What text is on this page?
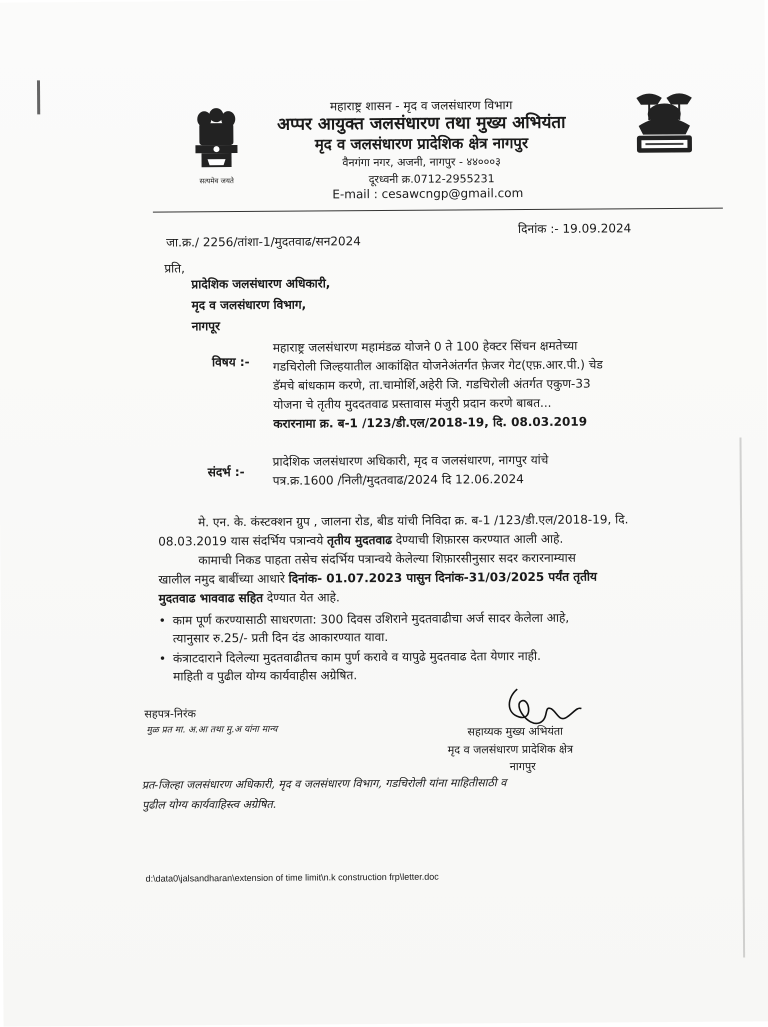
सत्यमेव जयते
महाराष्ट्र शासन - मृद व जलसंधारण विभाग
अप्पर आयुक्त जलसंधारण तथा मुख्य अभियंता
मृद व जलसंधारण प्रादेशिक क्षेत्र नागपुर
वैनगंगा नगर, अजनी, नागपुर - ४४०००३
दूरध्वनी क्र.0712-2955231
E-mail : cesawcngp@gmail.com
जा.क्र./ 2256/तांशा-1/मुदतवाढ/सन2024
दिनांक :- 19.09.2024
प्रति,
प्रादेशिक जलसंधारण अधिकारी,
मृद व जलसंधारण विभाग,
नागपूर
विषय :-
महाराष्ट्र जलसंधारण महामंडळ योजने 0 ते 100 हेक्टर सिंचन क्षमतेच्या
गडचिरोली जिल्हयातील आकांक्षित योजनेअंतर्गत फ़ेजर गेट(एफ़.आर.पी.) चेड
डॅमचे बांधकाम करणे, ता.चामोर्शि,अहेरी जि. गडचिरोली अंतर्गत एकुण-33
योजना चे तृतीय मुददतवाढ प्रस्तावास मंजुरी प्रदान करणे बाबत...
करारनामा क्र. ब-1 /123/डी.एल/2018-19, दि. 08.03.2019
संदर्भ :-
प्रादेशिक जलसंधारण अधिकारी, मृद व जलसंधारण, नागपुर यांचे
पत्र.क्र.1600 /निली/मुदतवाढ/2024 दि 12.06.2024
मे. एन. के. कंस्टक्शन ग्रुप , जालना रोड, बीड यांची निविदा क्र. ब-1 /123/डी.एल/2018-19, दि.
08.03.2019 यास संदर्भिय पत्रान्वये तृतीय मुदतवाढ देण्याची शिफ़ारस करण्यात आली आहे.
कामाची निकड पाहता तसेच संदर्भिय पत्रान्वये केलेल्या शिफ़ारसीनुसार सदर करारनाम्यास
खालील नमुद बाबींच्या आधारे दिनांक- 01.07.2023 पासुन दिनांक-31/03/2025 पर्यंत तृतीय
मुदतवाढ भाववाढ सहित देण्यात येत आहे.
• काम पूर्ण करण्यासाठी साधरणता: 300 दिवस उशिराने मुदतवाढीचा अर्ज सादर केलेला आहे,
त्यानुसार रु.25/- प्रती दिन दंड आकारण्यात यावा.
• कंत्राटदाराने दिलेल्या मुदतवाढीतच काम पुर्ण करावे व यापुढे मुदतवाढ देता येणार नाही.
माहिती व पुढील योग्य कार्यवाहीस अग्रेषित.
सहपत्र-निरंक
मुळ प्रत मा. अ.आ तथा मु.अ यांना मान्य	सहाय्यक मुख्य अभियंता
मृद व जलसंधारण प्रादेशिक क्षेत्र
नागपुर
प्रत-जिल्हा जलसंधारण अधिकारी, मृद व जलसंधारण विभाग, गडचिरोली यांना माहितीसाठी व
पुढील योग्य कार्यवाहिस्त्व अग्रेषित.
d:\data0\jalsandharan\extension of time limit\n.k construction frp\letter.doc
